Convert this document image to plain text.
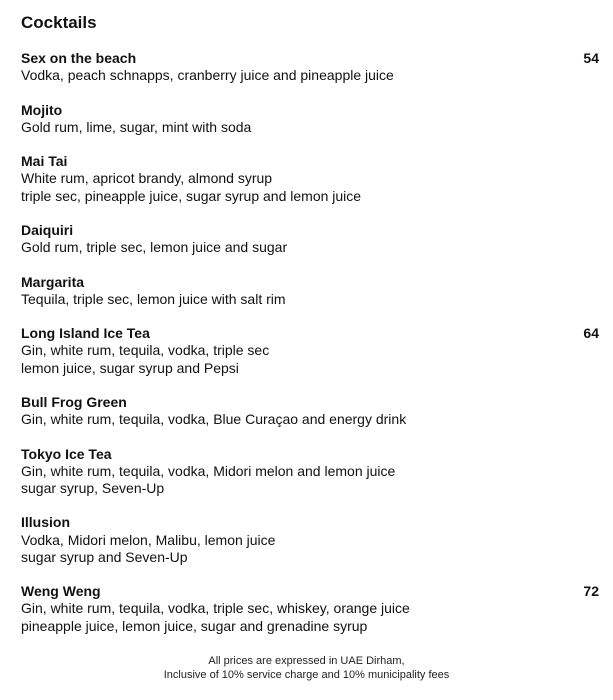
Cocktails
Sex on the beach	54
Vodka, peach schnapps, cranberry juice and pineapple juice
Mojito
Gold rum, lime, sugar, mint with soda
Mai Tai
White rum, apricot brandy, almond syrup
triple sec, pineapple juice, sugar syrup and lemon juice
Daiquiri
Gold rum, triple sec, lemon juice and sugar
Margarita
Tequila, triple sec, lemon juice with salt rim
Long Island Ice Tea	64
Gin, white rum, tequila, vodka, triple sec
lemon juice, sugar syrup and Pepsi
Bull Frog Green
Gin, white rum, tequila, vodka, Blue Curaçao and energy drink
Tokyo Ice Tea
Gin, white rum, tequila, vodka, Midori melon and lemon juice
sugar syrup, Seven-Up
Illusion
Vodka, Midori melon, Malibu, lemon juice
sugar syrup and Seven-Up
Weng Weng	72
Gin, white rum, tequila, vodka, triple sec, whiskey, orange juice
pineapple juice, lemon juice, sugar and grenadine syrup
All prices are expressed in UAE Dirham,
Inclusive of 10% service charge and 10% municipality fees
